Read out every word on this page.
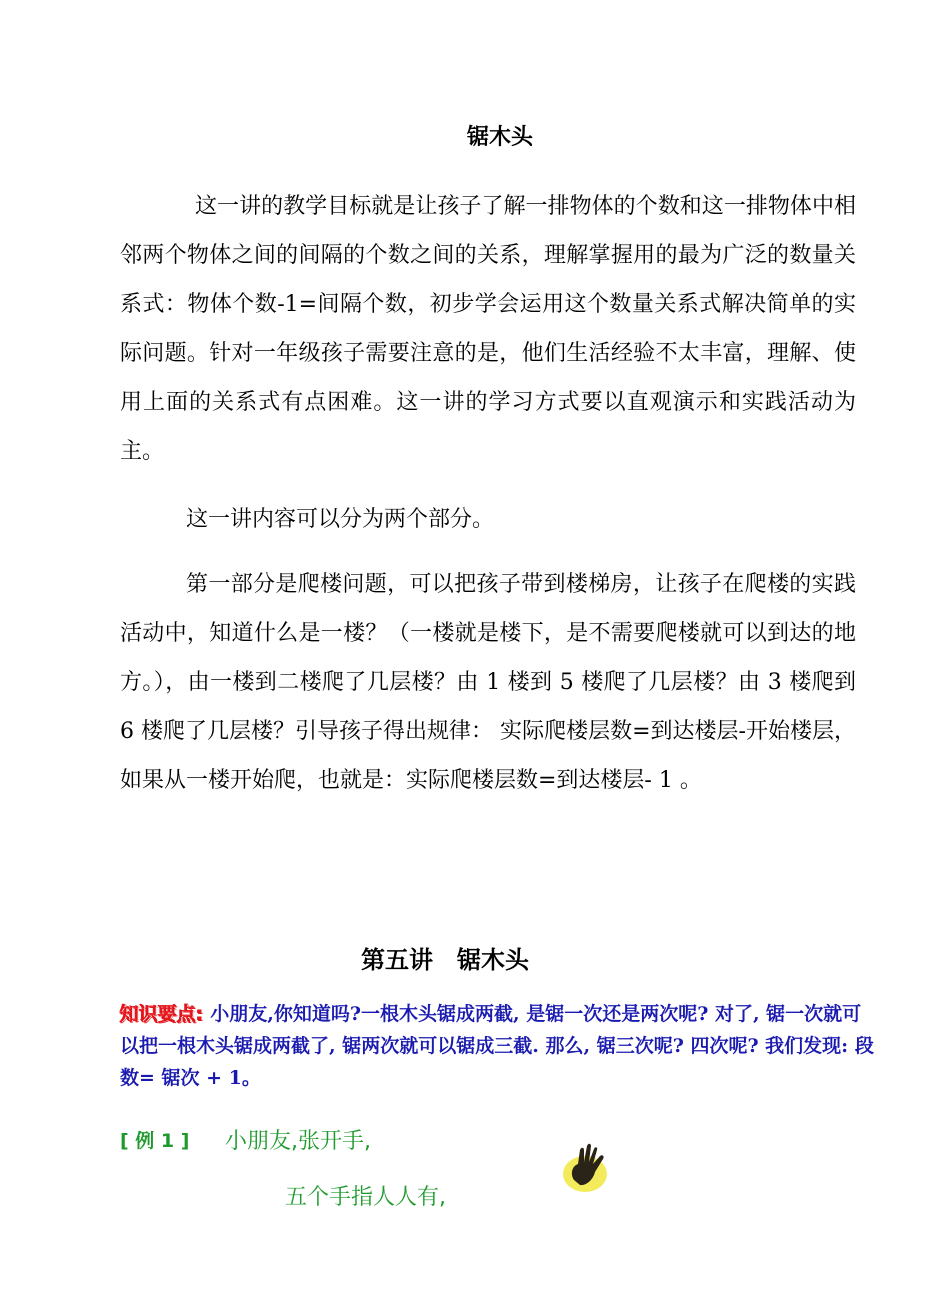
锯木头
这一讲的教学目标就是让孩子了解一排物体的个数和这一排物体中相邻两个物体之间的间隔的个数之间的关系，理解掌握用的最为广泛的数量关系式：物体个数-1=间隔个数，初步学会运用这个数量关系式解决简单的实际问题。针对一年级孩子需要注意的是，他们生活经验不太丰富，理解、使用上面的关系式有点困难。这一讲的学习方式要以直观演示和实践活动为主。
这一讲内容可以分为两个部分。
第一部分是爬楼问题，可以把孩子带到楼梯房，让孩子在爬楼的实践活动中，知道什么是一楼？（一楼就是楼下，是不需要爬楼就可以到达的地方。），由一楼到二楼爬了几层楼？由 1 楼到 5 楼爬了几层楼？由 3 楼爬到 6 楼爬了几层楼？引导孩子得出规律： 实际爬楼层数=到达楼层-开始楼层，如果从一楼开始爬，也就是：实际爬楼层数=到达楼层- 1 。
第五讲　锯木头
知识要点: 小朋友,你知道吗?一根木头锯成两截, 是锯一次还是两次呢? 对了, 锯一次就可以把一根木头锯成两截了, 锯两次就可以锯成三截. 那么, 锯三次呢? 四次呢? 我们发现: 段数= 锯次 + 1。
[ 例 1 ] 小朋友,张开手,
五个手指人人有,
